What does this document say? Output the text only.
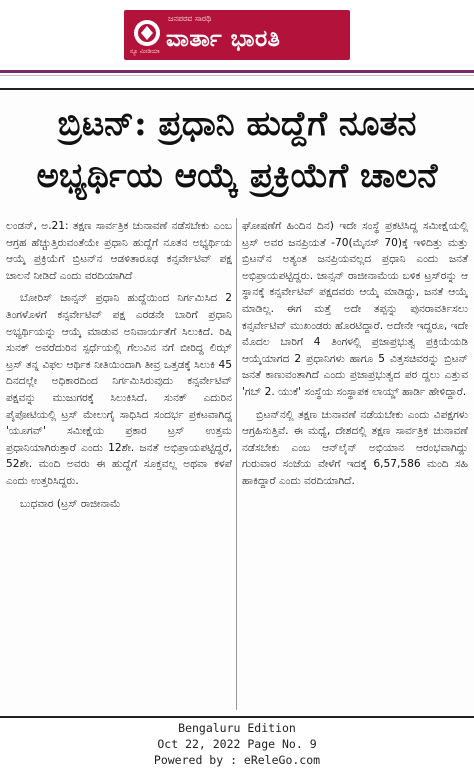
ಜನಪರವ ಸಾರಥಿ
ವಾರ್ತಾ ಭಾರತಿ
ನ್ಯೂ ಮೀಡಿಯಾ
ಬ್ರಿಟನ್: ಪ್ರಧಾನಿ ಹುದ್ದೆಗೆ ನೂತನ
ಅಭ್ಯರ್ಥಿಯ ಆಯ್ಕೆ ಪ್ರಕ್ರಿಯೆಗೆ ಚಾಲನೆ

ಲಂಡನ್, ಅ.21: ತಕ್ಷಣ ಸಾರ್ವತ್ರಿಕ ಚುನಾವಣೆ ನಡೆಸಬೇಕು ಎಂಬ ಆಗ್ರಹ ಹೆಚ್ಚುತ್ತಿರುವಂತೆಯೇ ಪ್ರಧಾನಿ ಹುದ್ದೆಗೆ ನೂತನ ಅಭ್ಯರ್ಥಿಯ ಆಯ್ಕೆ ಪ್ರಕ್ರಿಯೆಗೆ ಬ್ರಿಟನ್‌ನ ಆಡಳಿತಾರೂಢ ಕನ್ಸರ್ವೇಟಿವ್ ಪಕ್ಷ ಚಾಲನೆ ನೀಡಿದೆ ಎಂದು ವರದಿಯಾಗಿದೆ

ಬೋರಿಸ್ ಜಾನ್ಸನ್ ಪ್ರಧಾನಿ ಹುದ್ದೆಯಿಂದ ನಿರ್ಗಮಿಸಿದ 2 ತಿಂಗಳೊಳಗೆ ಕನ್ಸರ್ವೇಟಿವ್ ಪಕ್ಷ ಎರಡನೇ ಬಾರಿಗೆ ಪ್ರಧಾನಿ ಅಭ್ಯರ್ಥಿಯನ್ನು ಆಯ್ಕೆ ಮಾಡುವ ಅನಿವಾರ್ಯತೆಗೆ ಸಿಲುಕಿದೆ. ರಿಷಿ ಸುನಕ್ ಅವರೆದುರಿನ ಸ್ಪರ್ಧೆಯಲ್ಲಿ ಗೆಲುವಿನ ನಗೆ ಬೀರಿದ್ದ ಲಿಝ್ ಟ್ರಸ್ ತನ್ನ ವಿಫಲ ಆರ್ಥಿಕ ನೀತಿಯಿಂದಾಗಿ ತೀವ್ರ ಒತ್ತಡಕ್ಕೆ ಸಿಲುಕಿ 45 ದಿನದಲ್ಲೇ ಅಧಿಕಾರದಿಂದ ನಿರ್ಗಮಿಸಿರುವುದು ಕನ್ಸರ್ವೇಟಿವ್ ಪಕ್ಷವನ್ನು ಮುಜುಗರಕ್ಕೆ ಸಿಲುಕಿಸಿದೆ. ಸುನಕ್ ಎದುರಿನ ಪೈಪೋಟಿಯಲ್ಲಿ ಟ್ರಸ್ ಮೇಲುಗೈ ಸಾಧಿಸಿದ ಸಂದರ್ಭ ಪ್ರಕಟವಾಗಿದ್ದ 'ಯೂಗವ್' ಸಮೀಕ್ಷೆಯ ಪ್ರಕಾರ ಟ್ರಸ್ ಉತ್ತಮ ಪ್ರಧಾನಿಯಾಗಿರುತ್ತಾರೆ ಎಂದು 12ಶೇ. ಜನತೆ ಅಭಿಪ್ರಾಯಪಟ್ಟಿದ್ದರೆ, 52ಶೇ. ಮಂದಿ ಅವರು ಈ ಹುದ್ದೆಗೆ ಸೂಕ್ತವಲ್ಲ ಅಥವಾ ಕಳಪೆ ಎಂದು ಉತ್ತರಿಸಿದ್ದರು.

ಬುಧವಾರ (ಟ್ರಸ್ ರಾಜೀನಾಮೆ

ಘೋಷಣೆಗೆ ಹಿಂದಿನ ದಿನ) ಇದೇ ಸಂಸ್ಥೆ ಪ್ರಕಟಿಸಿದ್ದ ಸಮೀಕ್ಷೆಯಲ್ಲಿ ಟ್ರಸ್ ಅವರ ಜನಪ್ರಿಯತೆ -70(ಮೈನಸ್ 70)ಕ್ಕೆ ಇಳಿದಿತ್ತು ಮತ್ತು ಬ್ರಿಟನ್‌ನ ಅತ್ಯಂತ ಜನಪ್ರಿಯವಲ್ಲದ ಪ್ರಧಾನಿ ಎಂದು ಜನತೆ ಅಭಿಪ್ರಾಯಪಟ್ಟಿದ್ದರು. ಜಾನ್ಸನ್ ರಾಜೀನಾಮೆಯ ಬಳಿಕ ಟ್ರಸ್‌ರನ್ನು ಆ ಸ್ಥಾನಕ್ಕೆ ಕನ್ಸರ್ವೇಟಿವ್ ಪಕ್ಷದವರು ಆಯ್ಕೆ ಮಾಡಿದ್ದು, ಜನತೆ ಆಯ್ಕೆ ಮಾಡಿಲ್ಲ. ಈಗ ಮತ್ತೆ ಅದೇ ತಪ್ಪನ್ನು ಪುನರಾವರ್ತಿಸಲು ಕನ್ಸರ್ವೇಟಿವ್ ಮುಖಂಡರು ಹೊರಟಿದ್ದಾರೆ. ಅದೇನೇ ಇದ್ದರೂ, ಇದೇ ಮೊದಲ ಬಾರಿಗೆ 4 ತಿಂಗಳಲ್ಲಿ ಪ್ರಜಾಪ್ರಭುತ್ವ ಪ್ರಕ್ರಿಯೆಯಡಿ ಆಯ್ಕೆಯಾಗದ 2 ಪ್ರಧಾನಿಗಳು ಹಾಗೂ 5 ವಿತ್ತಸಚಿವರನ್ನು ಬ್ರಿಟನ್ ಜನತೆ ಕಾಣುವಂತಾಗಿದೆ ಎಂದು ಪ್ರಜಾಪ್ರಭುತ್ವದ ಪರ ದ್ದಲು ಎತ್ತುವ 'ಗಬ್ 2. ಯುಕೆ' ಸಂಸ್ಥೆಯ ಸಂಸ್ಥಾಪಕ ಲಾಯ್ಡ್ ಹಾರ್ಡಿ ಹೇಳಿದ್ದಾರೆ.

ಬ್ರಿಟನ್‌ನಲ್ಲಿ ತಕ್ಷಣ ಚುನಾವಣೆ ನಡೆಯಬೇಕು ಎಂದು ವಿಪಕ್ಷಗಳು ಆಗ್ರಹಿಸುತ್ತಿವೆ. ಈ ಮಧ್ಯೆ, ದೇಶದಲ್ಲಿ ತಕ್ಷಣ ಸಾರ್ವತ್ರಿಕ ಚುನಾವಣೆ ನಡೆಸಬೇಕು ಎಂಬ ಆನ್‌ಲೈನ್ ಅಭಿಯಾನ ಆರಂಭವಾಗಿದ್ದು ಗುರುವಾರ ಸಂಜೆಯ ವೇಳೆಗೆ ಇದಕ್ಕೆ 6,57,586 ಮಂದಿ ಸಹಿ ಹಾಕಿದ್ದಾರೆ ಎಂದು ವರದಿಯಾಗಿದೆ.

Bengaluru Edition
Oct 22, 2022 Page No. 9
Powered by : eReleGo.com
